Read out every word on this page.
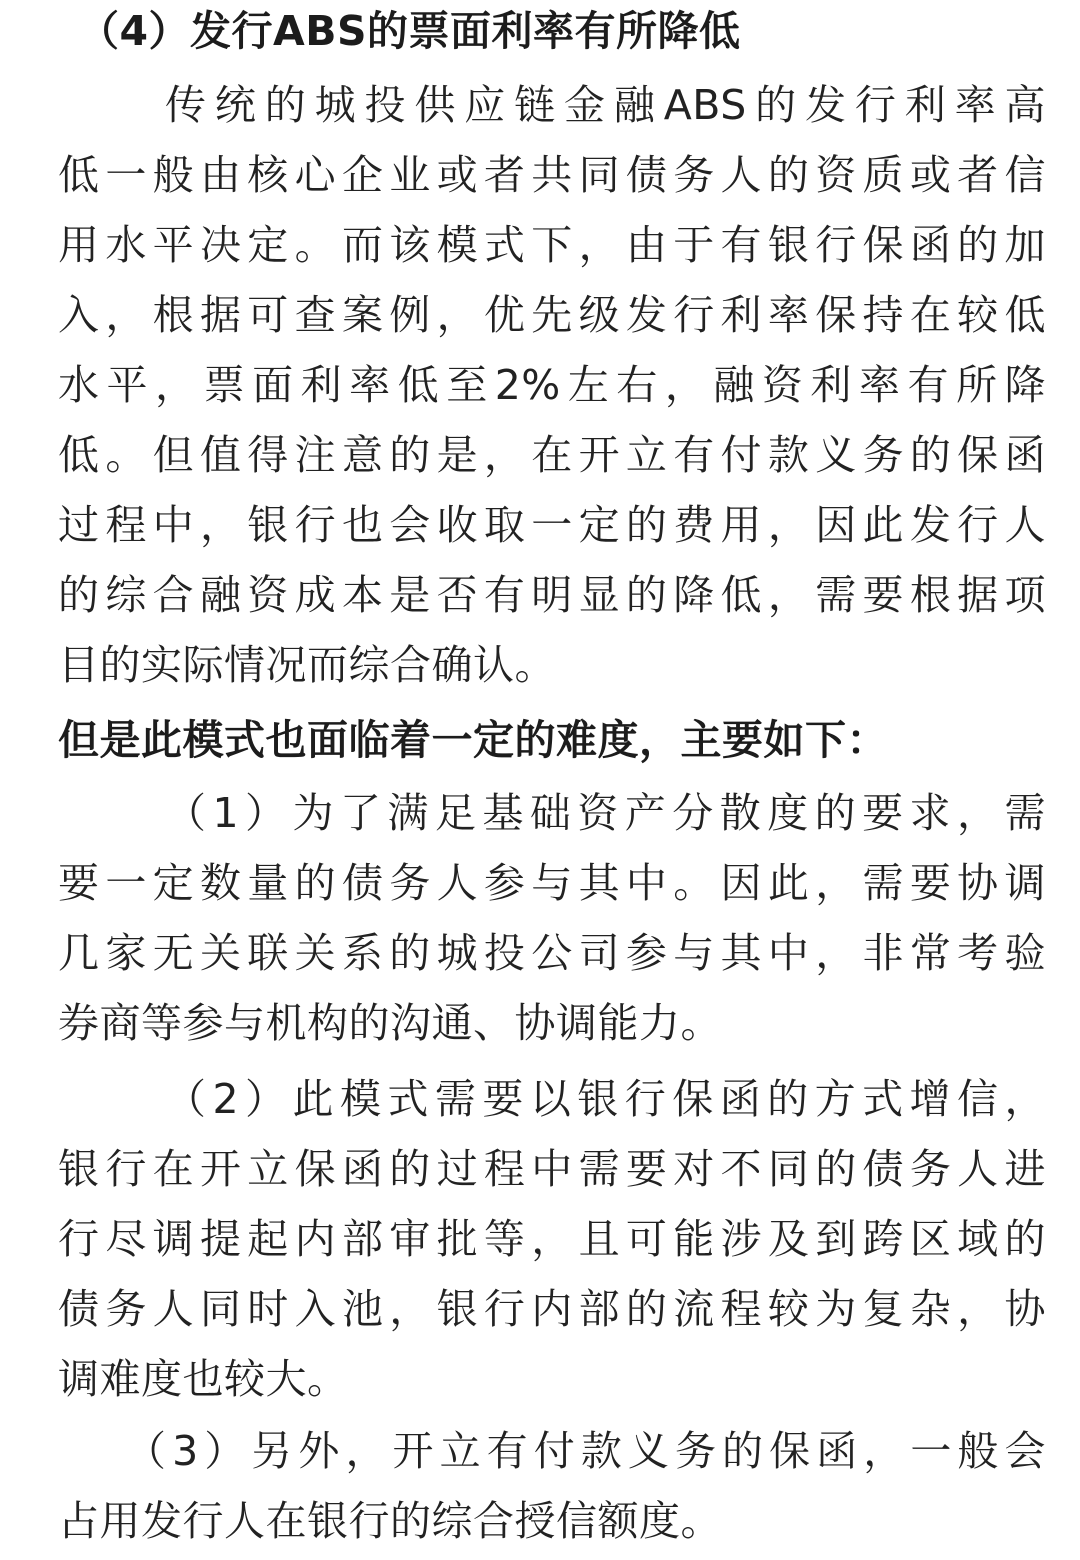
（4）发行ABS的票面利率有所降低
传统的城投供应链金融ABS的发行利率高
低一般由核心企业或者共同债务人的资质或者信
用水平决定。而该模式下，由于有银行保函的加
入，根据可查案例，优先级发行利率保持在较低
水平，票面利率低至2%左右，融资利率有所降
低。但值得注意的是，在开立有付款义务的保函
过程中，银行也会收取一定的费用，因此发行人
的综合融资成本是否有明显的降低，需要根据项
目的实际情况而综合确认。
但是此模式也面临着一定的难度，主要如下：
（1）为了满足基础资产分散度的要求，需
要一定数量的债务人参与其中。因此，需要协调
几家无关联关系的城投公司参与其中，非常考验
券商等参与机构的沟通、协调能力。
（2）此模式需要以银行保函的方式增信，
银行在开立保函的过程中需要对不同的债务人进
行尽调提起内部审批等，且可能涉及到跨区域的
债务人同时入池，银行内部的流程较为复杂，协
调难度也较大。
（3）另外，开立有付款义务的保函，一般会
占用发行人在银行的综合授信额度。
